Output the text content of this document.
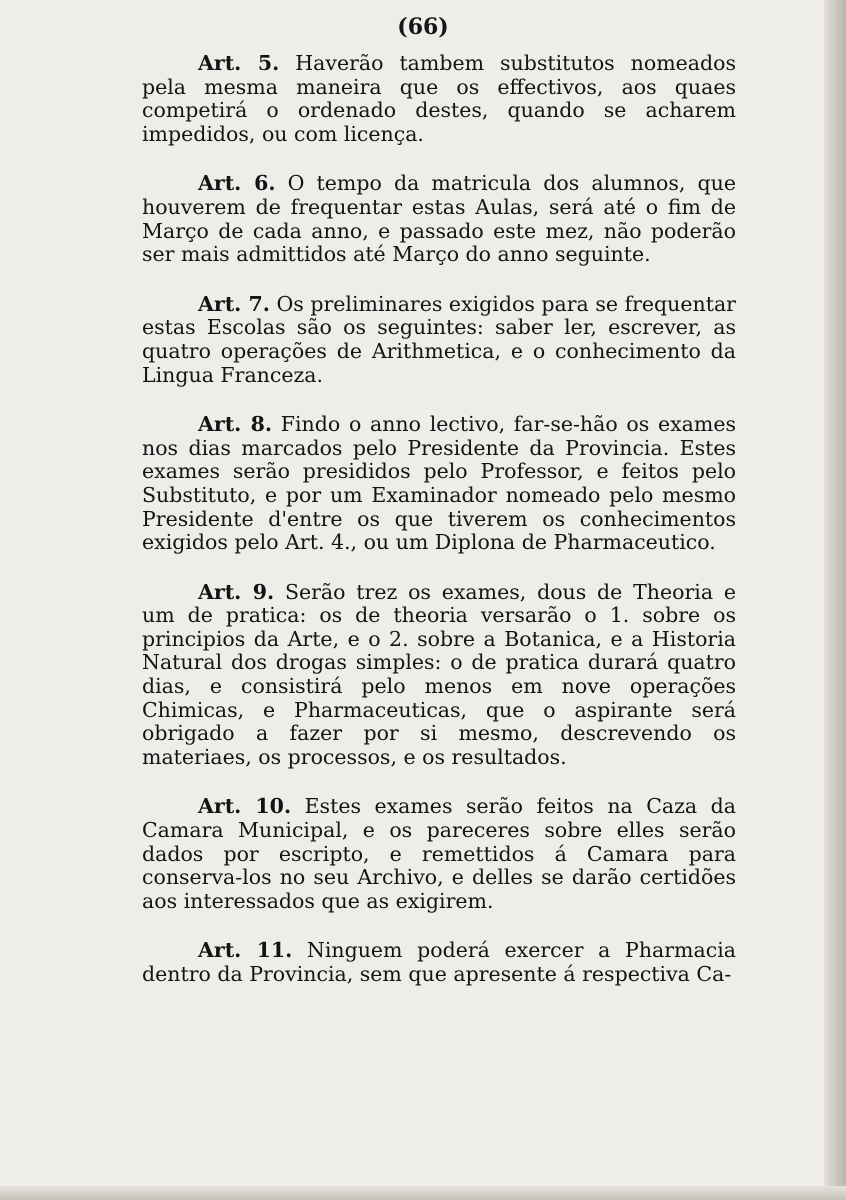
(66)

Art. 5. Haverão tambem substitutos nomeados pela mesma maneira que os effectivos, aos quaes competirá o ordenado destes, quando se acharem impedidos, ou com licença.

Art. 6. O tempo da matricula dos alumnos, que houverem de frequentar estas Aulas, será até o fim de Março de cada anno, e passado este mez, não poderão ser mais admittidos até Março do anno seguinte.

Art. 7. Os preliminares exigidos para se frequentar estas Escolas são os seguintes: saber ler, escrever, as quatro operações de Arithmetica, e o conhecimento da Lingua Franceza.

Art. 8. Findo o anno lectivo, far-se-hão os exames nos dias marcados pelo Presidente da Provincia. Estes exames serão presididos pelo Professor, e feitos pelo Substituto, e por um Examinador nomeado pelo mesmo Presidente d'entre os que tiverem os conhecimentos exigidos pelo Art. 4., ou um Diplona de Pharmaceutico.

Art. 9. Serão trez os exames, dous de Theoria e um de pratica: os de theoria versarão o 1. sobre os principios da Arte, e o 2. sobre a Botanica, e a Historia Natural dos drogas simples: o de pratica durará quatro dias, e consistirá pelo menos em nove operações Chimicas, e Pharmaceuticas, que o aspirante será obrigado a fazer por si mesmo, descrevendo os materiaes, os processos, e os resultados.

Art. 10. Estes exames serão feitos na Caza da Camara Municipal, e os pareceres sobre elles serão dados por escripto, e remettidos á Camara para conserva-los no seu Archivo, e delles se darão certidões aos interessados que as exigirem.

Art. 11. Ninguem poderá exercer a Pharmacia dentro da Provincia, sem que apresente á respectiva Ca-
